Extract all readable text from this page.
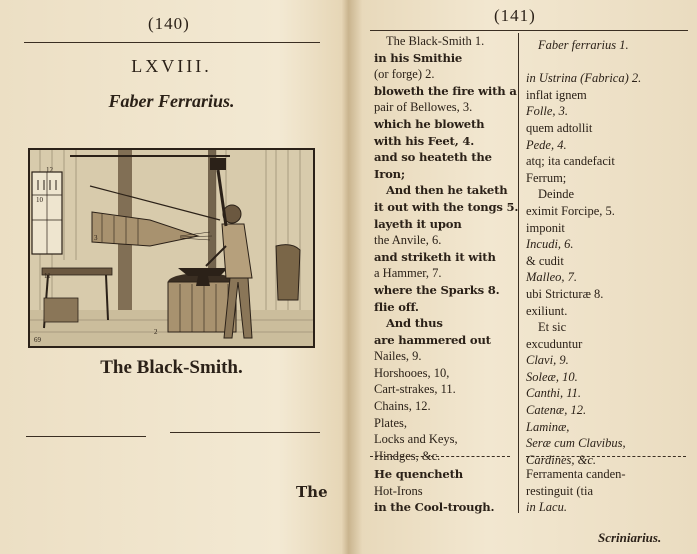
(140)
LXVIII.
Faber Ferrarius.
10
12
3
11
2
69
The Black-Smith.
The
(141)
The Black-Smith 1.
in his Smithie
(or forge) 2.
bloweth the fire with a
pair of Bellowes, 3.
which he bloweth
with his Feet, 4.
and so heateth the
Iron;
And then he taketh
it out with the tongs 5.
layeth it upon
the Anvile, 6.
and striketh it with
a Hammer, 7.
where the Sparks 8.
flie off.
And thus
are hammered out
Nailes, 9.
Horshooes, 10,
Cart-strakes, 11.
Chains, 12.
Plates,
Locks and Keys,
Hindges, &c.
Faber ferrarius 1.
in Ustrina (Fabrica) 2.
inflat ignem
Folle, 3.
quem adtollit
Pede, 4.
atq; ita candefacit
Ferrum;
Deinde
eximit Forcipe, 5.
imponit
Incudi, 6.
& cudit
Malleo, 7.
ubi Stricturæ 8.
exiliunt.
Et sic
excuduntur
Clavi, 9.
Soleæ, 10.
Canthi, 11.
Catenæ, 12.
Laminæ,
Seræ cum Clavibus,
Cardines, &c.
He quencheth
Hot-Irons
in the Cool-trough.
Ferramenta canden-
restinguit (tia
in Lacu.
Scriniarius.
